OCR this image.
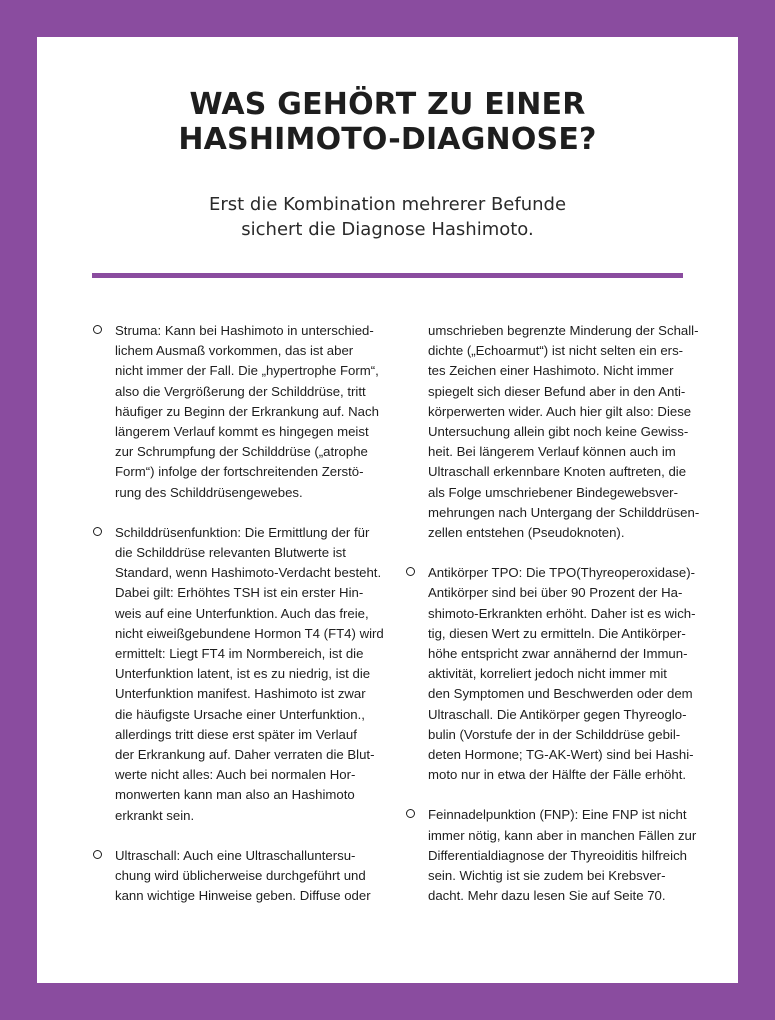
WAS GEHÖRT ZU EINER
HASHIMOTO-DIAGNOSE?
Erst die Kombination mehrerer Befunde
sichert die Diagnose Hashimoto.
Struma: Kann bei Hashimoto in unterschied-
lichem Ausmaß vorkommen, das ist aber
nicht immer der Fall. Die „hypertrophe Form“,
also die Vergrößerung der Schilddrüse, tritt
häufiger zu Beginn der Erkrankung auf. Nach
längerem Verlauf kommt es hingegen meist
zur Schrumpfung der Schilddrüse („atrophe
Form“) infolge der fortschreitenden Zerstö-
rung des Schilddrüsengewebes.
Schilddrüsenfunktion: Die Ermittlung der für
die Schilddrüse relevanten Blutwerte ist
Standard, wenn Hashimoto-Verdacht besteht.
Dabei gilt: Erhöhtes TSH ist ein erster Hin-
weis auf eine Unterfunktion. Auch das freie,
nicht eiweißgebundene Hormon T4 (FT4) wird
ermittelt: Liegt FT4 im Normbereich, ist die
Unterfunktion latent, ist es zu niedrig, ist die
Unterfunktion manifest. Hashimoto ist zwar
die häufigste Ursache einer Unterfunktion.,
allerdings tritt diese erst später im Verlauf
der Erkrankung auf. Daher verraten die Blut-
werte nicht alles: Auch bei normalen Hor-
monwerten kann man also an Hashimoto
erkrankt sein.
Ultraschall: Auch eine Ultraschalluntersu-
chung wird üblicherweise durchgeführt und
kann wichtige Hinweise geben. Diffuse oder
umschrieben begrenzte Minderung der Schall-
dichte („Echoarmut“) ist nicht selten ein ers-
tes Zeichen einer Hashimoto. Nicht immer
spiegelt sich dieser Befund aber in den Anti-
körperwerten wider. Auch hier gilt also: Diese
Untersuchung allein gibt noch keine Gewiss-
heit. Bei längerem Verlauf können auch im
Ultraschall erkennbare Knoten auftreten, die
als Folge umschriebener Bindegewebsver-
mehrungen nach Untergang der Schilddrüsen-
zellen entstehen (Pseudoknoten).
Antikörper TPO: Die TPO(Thyreoperoxidase)-
Antikörper sind bei über 90 Prozent der Ha-
shimoto-Erkrankten erhöht. Daher ist es wich-
tig, diesen Wert zu ermitteln. Die Antikörper-
höhe entspricht zwar annähernd der Immun-
aktivität, korreliert jedoch nicht immer mit
den Symptomen und Beschwerden oder dem
Ultraschall. Die Antikörper gegen Thyreoglo-
bulin (Vorstufe der in der Schilddrüse gebil-
deten Hormone; TG-AK-Wert) sind bei Hashi-
moto nur in etwa der Hälfte der Fälle erhöht.
Feinnadelpunktion (FNP): Eine FNP ist nicht
immer nötig, kann aber in manchen Fällen zur
Differentialdiagnose der Thyreoiditis hilfreich
sein. Wichtig ist sie zudem bei Krebsver-
dacht. Mehr dazu lesen Sie auf Seite 70.
